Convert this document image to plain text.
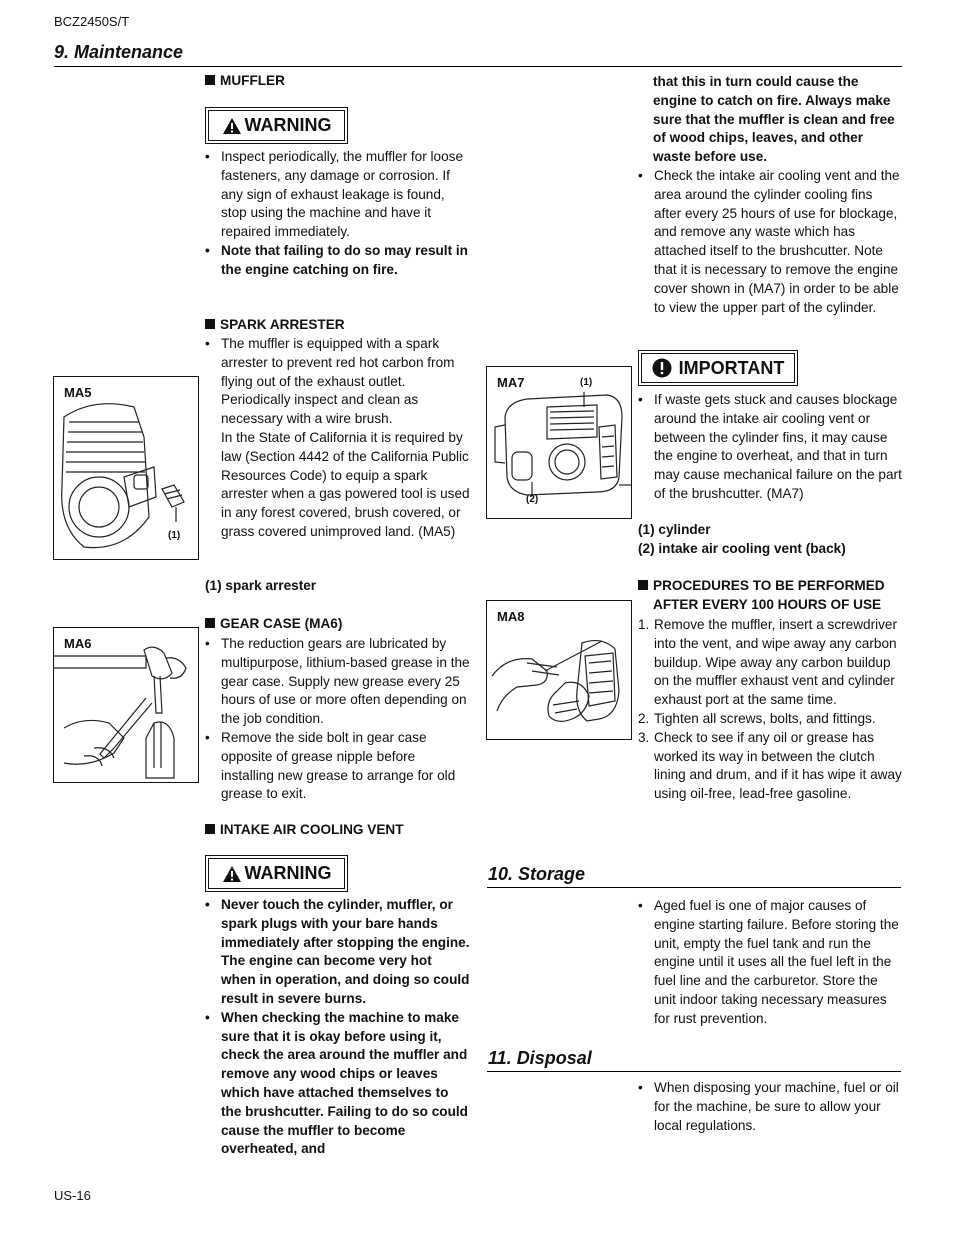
BCZ2450S/T
9. Maintenance
MUFFLER
WARNING
• Inspect periodically, the muffler for loose fasteners, any damage or corrosion. If any sign of exhaust leakage is found, stop using the machine and have it repaired immediately.
• Note that failing to do so may result in the engine catching on fire.
SPARK ARRESTER
• The muffler is equipped with a spark arrester to prevent red hot carbon from flying out of the exhaust outlet. Periodically inspect and clean as necessary with a wire brush.
In the State of California it is required by law (Section 4442 of the California Public Resources Code) to equip a spark arrester when a gas powered tool is used in any forest covered, brush covered, or grass covered unimproved land. (MA5)
(1) spark arrester
GEAR CASE (MA6)
• The reduction gears are lubricated by multipurpose, lithium-based grease in the gear case. Supply new grease every 25 hours of use or more often depending on the job condition.
• Remove the side bolt in gear case opposite of grease nipple before installing new grease to arrange for old grease to exit.
INTAKE AIR COOLING VENT
WARNING
• Never touch the cylinder, muffler, or spark plugs with your bare hands immediately after stopping the engine. The engine can become very hot when in operation, and doing so could result in severe burns.
• When checking the machine to make sure that it is okay before using it, check the area around the muffler and remove any wood chips or leaves which have attached themselves to the brushcutter. Failing to do so could cause the muffler to become overheated, and
that this in turn could cause the engine to catch on fire. Always make sure that the muffler is clean and free of wood chips, leaves, and other waste before use.
• Check the intake air cooling vent and the area around the cylinder cooling fins after every 25 hours of use for blockage, and remove any waste which has attached itself to the brushcutter. Note that it is necessary to remove the engine cover shown in (MA7) in order to be able to view the upper part of the cylinder.
IMPORTANT
• If waste gets stuck and causes blockage around the intake air cooling vent or between the cylinder fins, it may cause the engine to overheat, and that in turn may cause mechanical failure on the part of the brushcutter. (MA7)
(1) cylinder
(2) intake air cooling vent (back)
PROCEDURES TO BE PERFORMED
AFTER EVERY 100 HOURS OF USE
1. Remove the muffler, insert a screwdriver into the vent, and wipe away any carbon buildup. Wipe away any carbon buildup on the muffler exhaust vent and cylinder exhaust port at the same time.
2. Tighten all screws, bolts, and fittings.
3. Check to see if any oil or grease has worked its way in between the clutch lining and drum, and if it has wipe it away using oil-free, lead-free gasoline.
10. Storage
• Aged fuel is one of major causes of engine starting failure. Before storing the unit, empty the fuel tank and run the engine until it uses all the fuel left in the fuel line and the carburetor. Store the unit indoor taking necessary measures for rust prevention.
11. Disposal
• When disposing your machine, fuel or oil for the machine, be sure to allow your local regulations.
MA5
(1)
MA6
MA7	(1)
(2)
MA8
US-16
